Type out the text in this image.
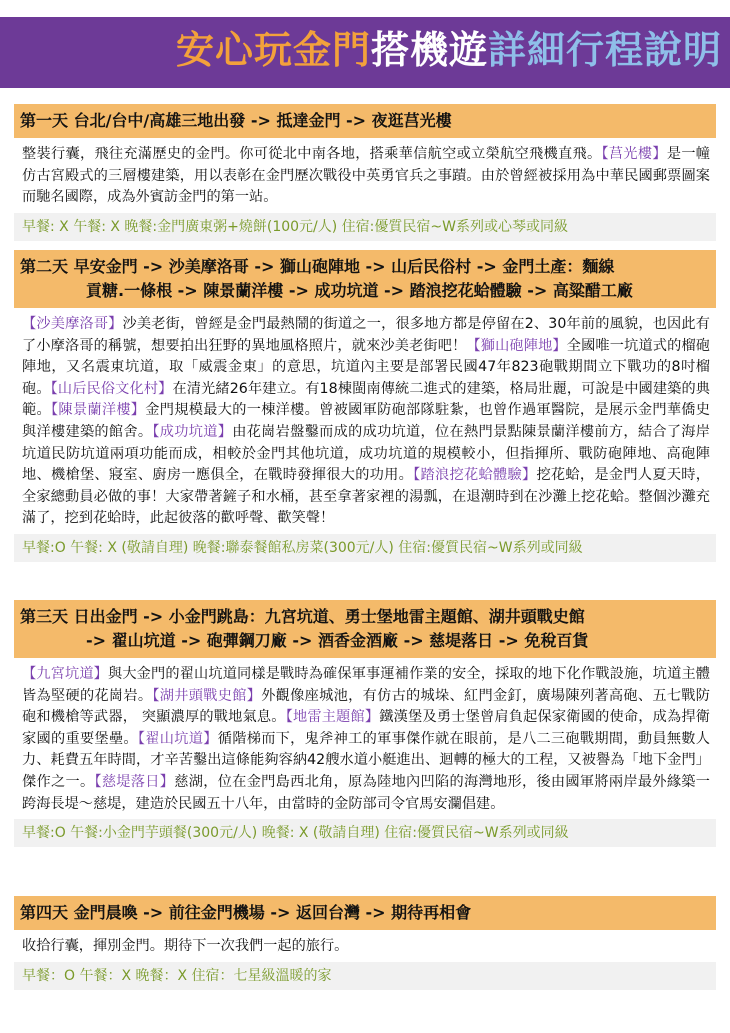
安心玩金門搭機遊詳細行程說明
第一天 台北/台中/高雄三地出發 -> 抵達金門 -> 夜逛莒光樓
整裝行囊，飛往充滿歷史的金門。你可從北中南各地，搭乘華信航空或立榮航空飛機直飛。【莒光樓】是一幢仿古宮殿式的三層樓建築，用以表彰在金門歷次戰役中英勇官兵之事蹟。由於曾經被採用為中華民國郵票圖案而馳名國際，成為外賓訪金門的第一站。
早餐: X 午餐: X 晚餐:金門廣東粥+燒餅(100元/人) 住宿:優質民宿~W系列或心琴或同級
第二天 早安金門 -> 沙美摩洛哥 -> 獅山砲陣地 -> 山后民俗村 -> 金門土產：麵線
貢糖.一條根 -> 陳景蘭洋樓 -> 成功坑道 -> 踏浪挖花蛤體驗 -> 高粱醋工廠
【沙美摩洛哥】沙美老街，曾經是金門最熱鬧的街道之一，很多地方都是停留在2、30年前的風貌，也因此有了小摩洛哥的稱號，想要拍出狂野的異地風格照片，就來沙美老街吧！【獅山砲陣地】全國唯一坑道式的榴砲陣地，又名震東坑道，取「威震金東」的意思，坑道內主要是部署民國47年823砲戰期間立下戰功的8吋榴砲。【山后民俗文化村】在清光緒26年建立。有18棟閩南傳統二進式的建築，格局壯麗，可說是中國建築的典範。【陳景蘭洋樓】金門規模最大的一棟洋樓。曾被國軍防砲部隊駐紮，也曾作過軍醫院，是展示金門華僑史與洋樓建築的館舍。【成功坑道】由花崗岩盤鑿而成的成功坑道，位在熱門景點陳景蘭洋樓前方，結合了海岸坑道民防坑道兩項功能而成，相較於金門其他坑道，成功坑道的規模較小，但指揮所、戰防砲陣地、高砲陣地、機槍堡、寢室、廚房一應俱全，在戰時發揮很大的功用。【踏浪挖花蛤體驗】挖花蛤，是金門人夏天時，全家總動員必做的事！大家帶著鏟子和水桶，甚至拿著家裡的湯瓢，在退潮時到在沙灘上挖花蛤。整個沙灘充滿了，挖到花蛤時，此起彼落的歡呼聲、歡笑聲！
早餐:O 午餐: X (敬請自理) 晚餐:聯泰餐館私房菜(300元/人) 住宿:優質民宿~W系列或同級
第三天 日出金門 -> 小金門跳島：九宮坑道、勇士堡地雷主題館、湖井頭戰史館
-> 翟山坑道 -> 砲彈鋼刀廠 -> 酒香金酒廠 -> 慈堤落日 -> 免稅百貨
【九宮坑道】與大金門的翟山坑道同樣是戰時為確保軍事運補作業的安全，採取的地下化作戰設施，坑道主體皆為堅硬的花崗岩。【湖井頭戰史館】外觀像座城池，有仿古的城垛、紅門金釘，廣場陳列著高砲、五七戰防砲和機槍等武器， 突顯濃厚的戰地氣息。【地雷主題館】鐵漢堡及勇士堡曾肩負起保家衛國的使命，成為捍衛家國的重要堡壘。【翟山坑道】循階梯而下，鬼斧神工的軍事傑作就在眼前，是八二三砲戰期間，動員無數人力、耗費五年時間，才辛苦鑿出這條能夠容納42艘水道小艇進出、迴轉的極大的工程，又被譽為「地下金門」傑作之一。【慈堤落日】慈湖，位在金門島西北角，原為陸地內凹陷的海灣地形，後由國軍將兩岸最外緣築一跨海長堤～慈堤，建造於民國五十八年，由當時的金防部司令官馬安瀾倡建。
早餐:O 午餐:小金門芋頭餐(300元/人) 晚餐: X (敬請自理) 住宿:優質民宿~W系列或同級
第四天 金門晨喚 -> 前往金門機場 -> 返回台灣 -> 期待再相會
收拾行囊，揮別金門。期待下一次我們一起的旅行。
早餐：O 午餐：X 晚餐：X 住宿：七星級溫暖的家
